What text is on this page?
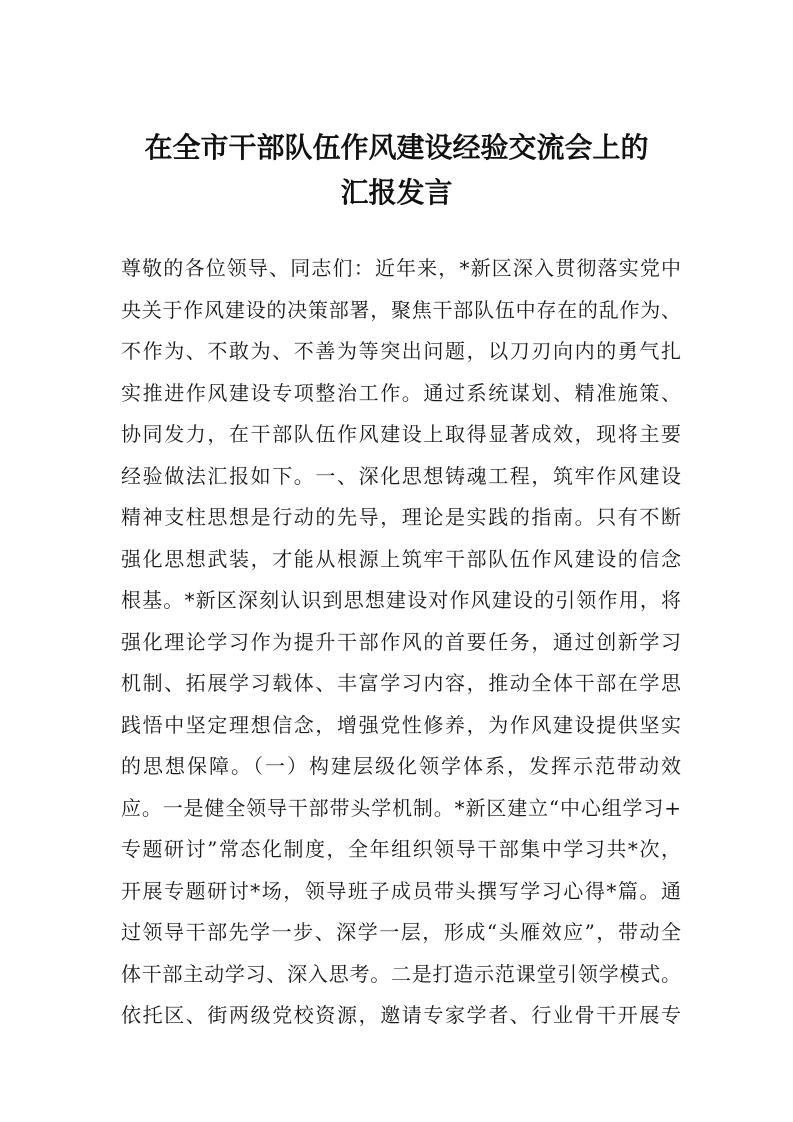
在全市干部队伍作风建设经验交流会上的
汇报发言
尊敬的各位领导、同志们：近年来，*新区深入贯彻落实党中
央关于作风建设的决策部署，聚焦干部队伍中存在的乱作为、
不作为、不敢为、不善为等突出问题，以刀刃向内的勇气扎
实推进作风建设专项整治工作。通过系统谋划、精准施策、
协同发力，在干部队伍作风建设上取得显著成效，现将主要
经验做法汇报如下。一、深化思想铸魂工程，筑牢作风建设
精神支柱思想是行动的先导，理论是实践的指南。只有不断
强化思想武装，才能从根源上筑牢干部队伍作风建设的信念
根基。*新区深刻认识到思想建设对作风建设的引领作用，将
强化理论学习作为提升干部作风的首要任务，通过创新学习
机制、拓展学习载体、丰富学习内容，推动全体干部在学思
践悟中坚定理想信念，增强党性修养，为作风建设提供坚实
的思想保障。（一）构建层级化领学体系，发挥示范带动效
应。一是健全领导干部带头学机制。*新区建立“中心组学习+
专题研讨”常态化制度，全年组织领导干部集中学习共*次，
开展专题研讨*场，领导班子成员带头撰写学习心得*篇。通
过领导干部先学一步、深学一层，形成“头雁效应”，带动全
体干部主动学习、深入思考。二是打造示范课堂引领学模式。
依托区、街两级党校资源，邀请专家学者、行业骨干开展专
